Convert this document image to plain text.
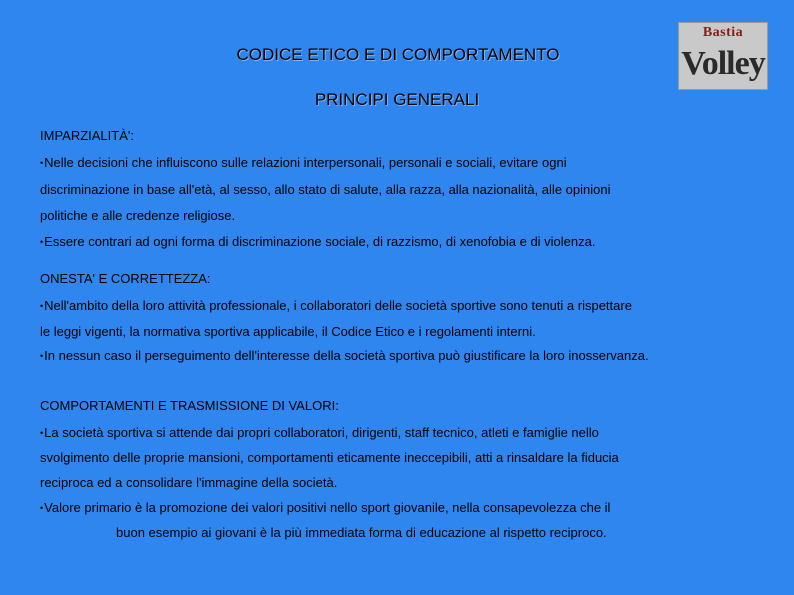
CODICE ETICO E DI COMPORTAMENTO
PRINCIPI GENERALI
Bastia
Volley
IMPARZIALITÀ':
•Nelle decisioni che influiscono sulle relazioni interpersonali, personali e sociali, evitare ogni
discriminazione in base all'età, al sesso, allo stato di salute, alla razza, alla nazionalità, alle opinioni
politiche e alle credenze religiose.
•Essere contrari ad ogni forma di discriminazione sociale, di razzismo, di xenofobia e di violenza.
ONESTA' E CORRETTEZZA:
•Nell'ambito della loro attività professionale, i collaboratori delle società sportive sono tenuti a rispettare
le leggi vigenti, la normativa sportiva applicabile, il Codice Etico e i regolamenti interni.
•In nessun caso il perseguimento dell'interesse della società sportiva può giustificare la loro inosservanza.
COMPORTAMENTI E TRASMISSIONE DI VALORI:
•La società sportiva si attende dai propri collaboratori, dirigenti, staff tecnico, atleti e famiglie nello
svolgimento delle proprie mansioni, comportamenti eticamente ineccepibili, atti a rinsaldare la fiducia
reciproca ed a consolidare l'immagine della società.
•Valore primario è la promozione dei valori positivi nello sport giovanile, nella consapevolezza che il
buon esempio ai giovani è la più immediata forma di educazione al rispetto reciproco.
